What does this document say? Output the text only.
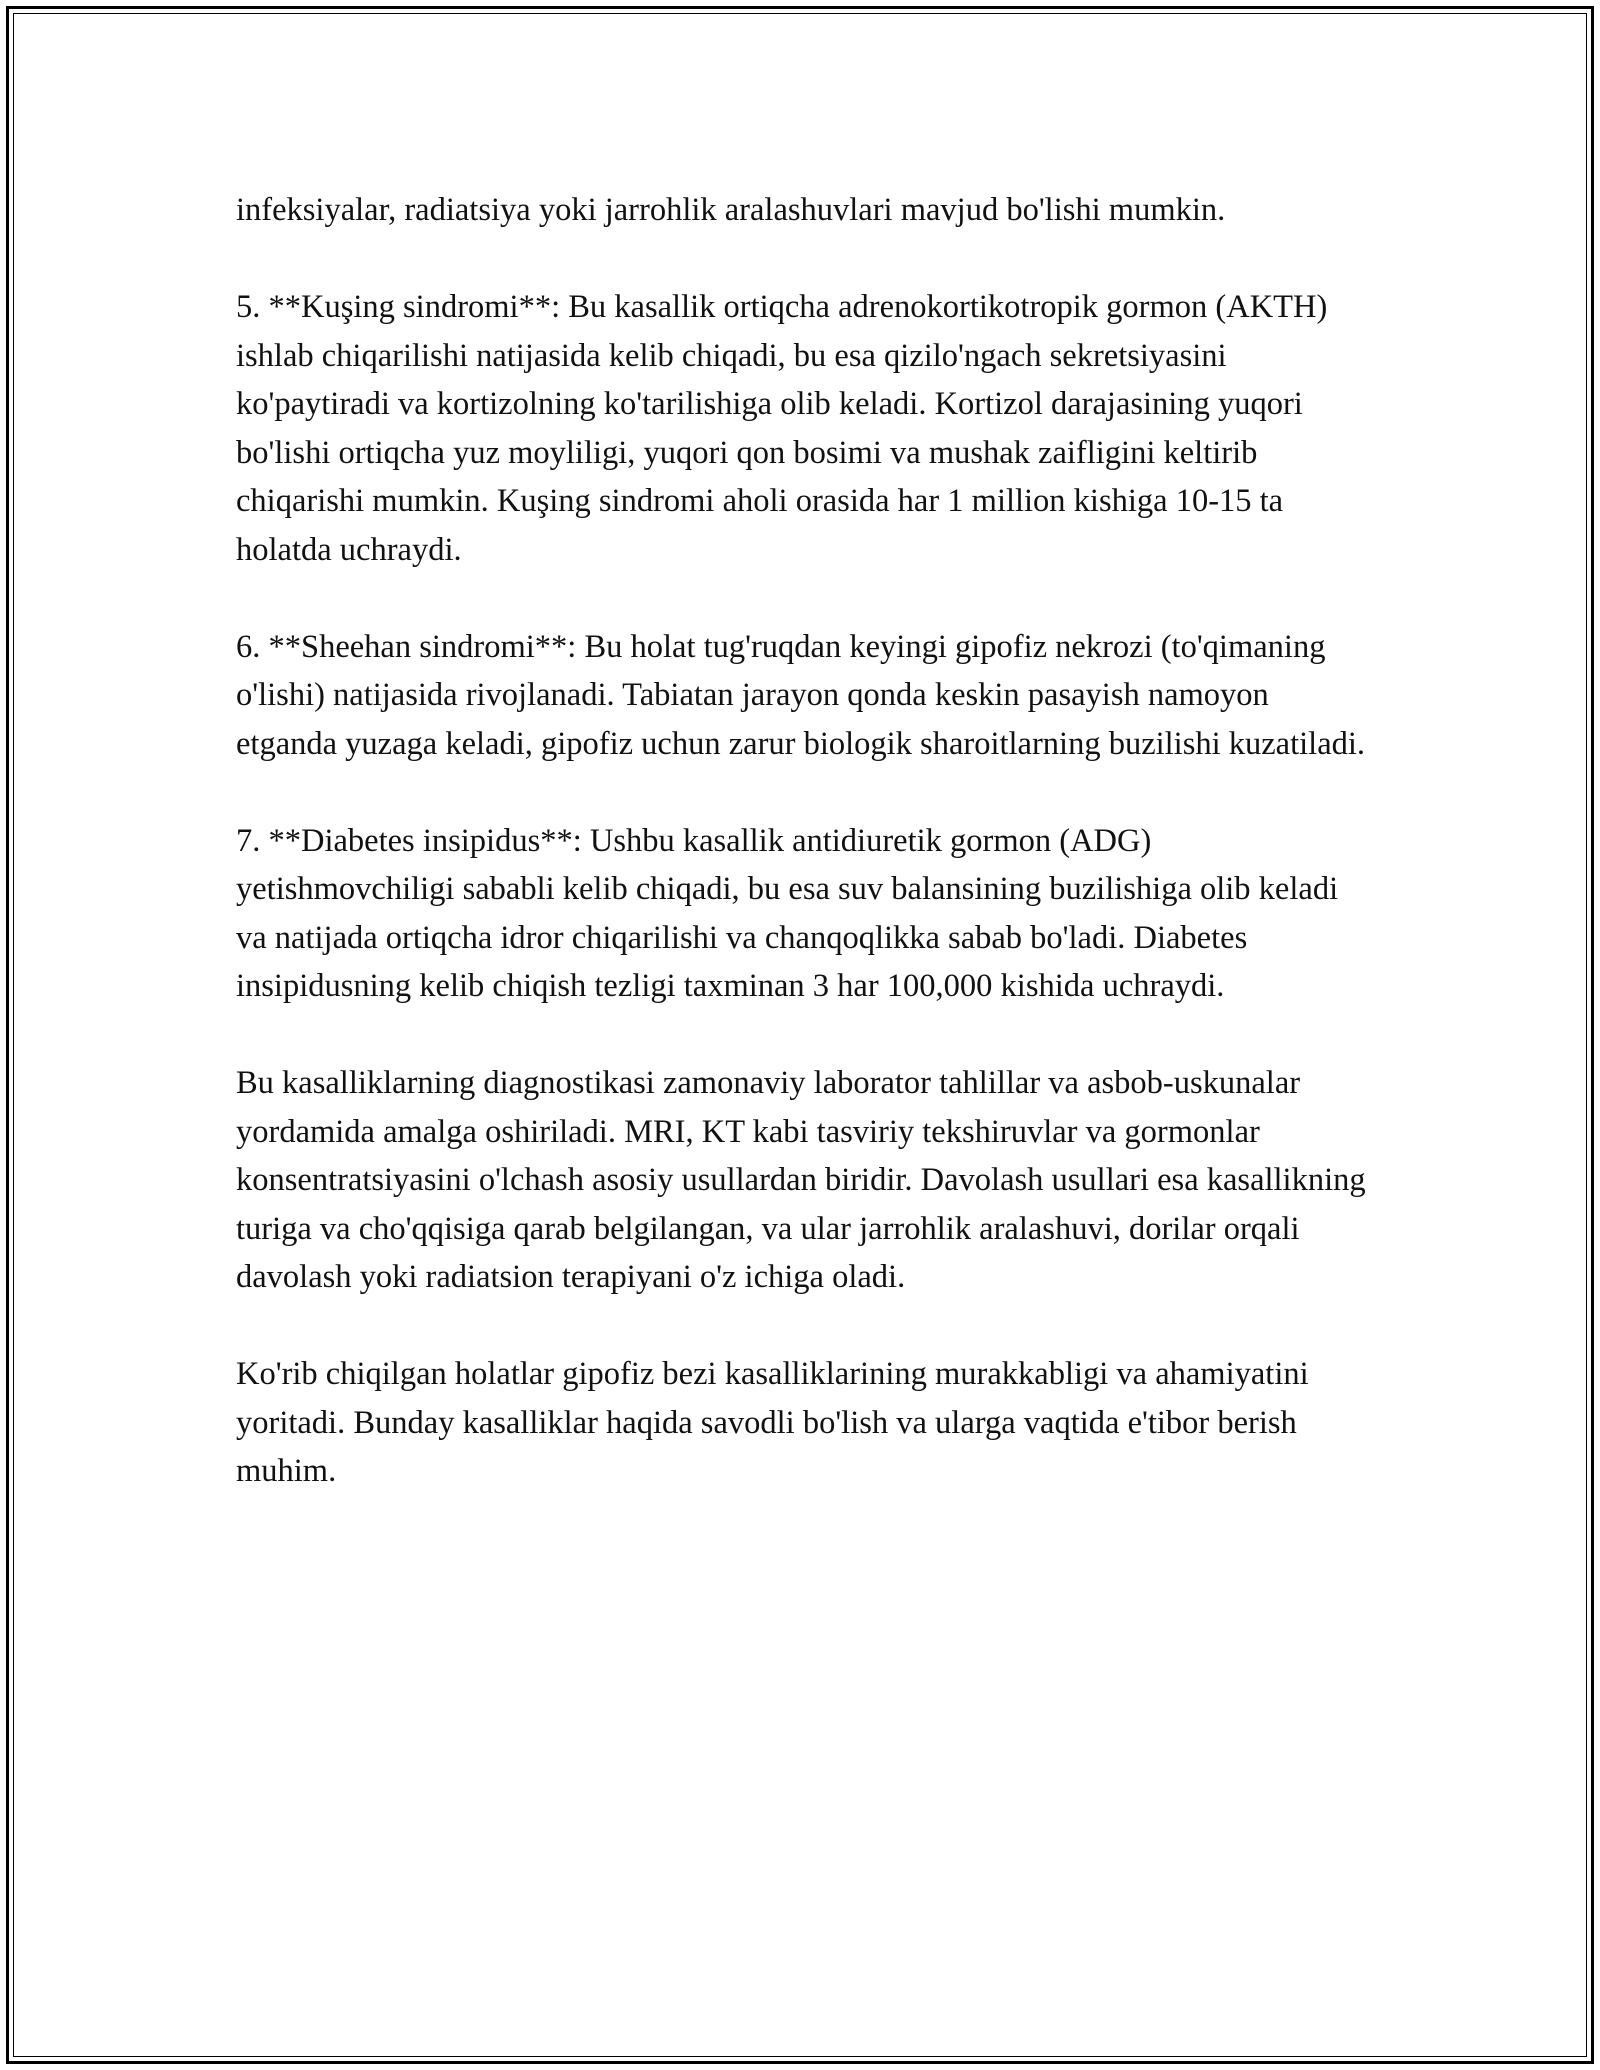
infeksiyalar, radiatsiya yoki jarrohlik aralashuvlari mavjud bo'lishi mumkin.

5. **Kuşing sindromi**: Bu kasallik ortiqcha adrenokortikotropik gormon (AKTH) ishlab chiqarilishi natijasida kelib chiqadi, bu esa qizilo'ngach sekretsiyasini ko'paytiradi va kortizolning ko'tarilishiga olib keladi. Kortizol darajasining yuqori bo'lishi ortiqcha yuz moyliligi, yuqori qon bosimi va mushak zaifligini keltirib chiqarishi mumkin. Kuşing sindromi aholi orasida har 1 million kishiga 10-15 ta holatda uchraydi.

6. **Sheehan sindromi**: Bu holat tug'ruqdan keyingi gipofiz nekrozi (to'qimaning o'lishi) natijasida rivojlanadi. Tabiatan jarayon qonda keskin pasayish namoyon etganda yuzaga keladi, gipofiz uchun zarur biologik sharoitlarning buzilishi kuzatiladi.

7. **Diabetes insipidus**: Ushbu kasallik antidiuretik gormon (ADG) yetishmovchiligi sababli kelib chiqadi, bu esa suv balansining buzilishiga olib keladi va natijada ortiqcha idror chiqarilishi va chanqoqlikka sabab bo'ladi. Diabetes insipidusning kelib chiqish tezligi taxminan 3 har 100,000 kishida uchraydi.

Bu kasalliklarning diagnostikasi zamonaviy laborator tahlillar va asbob-uskunalar yordamida amalga oshiriladi. MRI, KT kabi tasviriy tekshiruvlar va gormonlar konsentratsiyasini o'lchash asosiy usullardan biridir. Davolash usullari esa kasallikning turiga va cho'qqisiga qarab belgilangan, va ular jarrohlik aralashuvi, dorilar orqali davolash yoki radiatsion terapiyani o'z ichiga oladi.

Ko'rib chiqilgan holatlar gipofiz bezi kasalliklarining murakkabligi va ahamiyatini yoritadi. Bunday kasalliklar haqida savodli bo'lish va ularga vaqtida e'tibor berish muhim.
